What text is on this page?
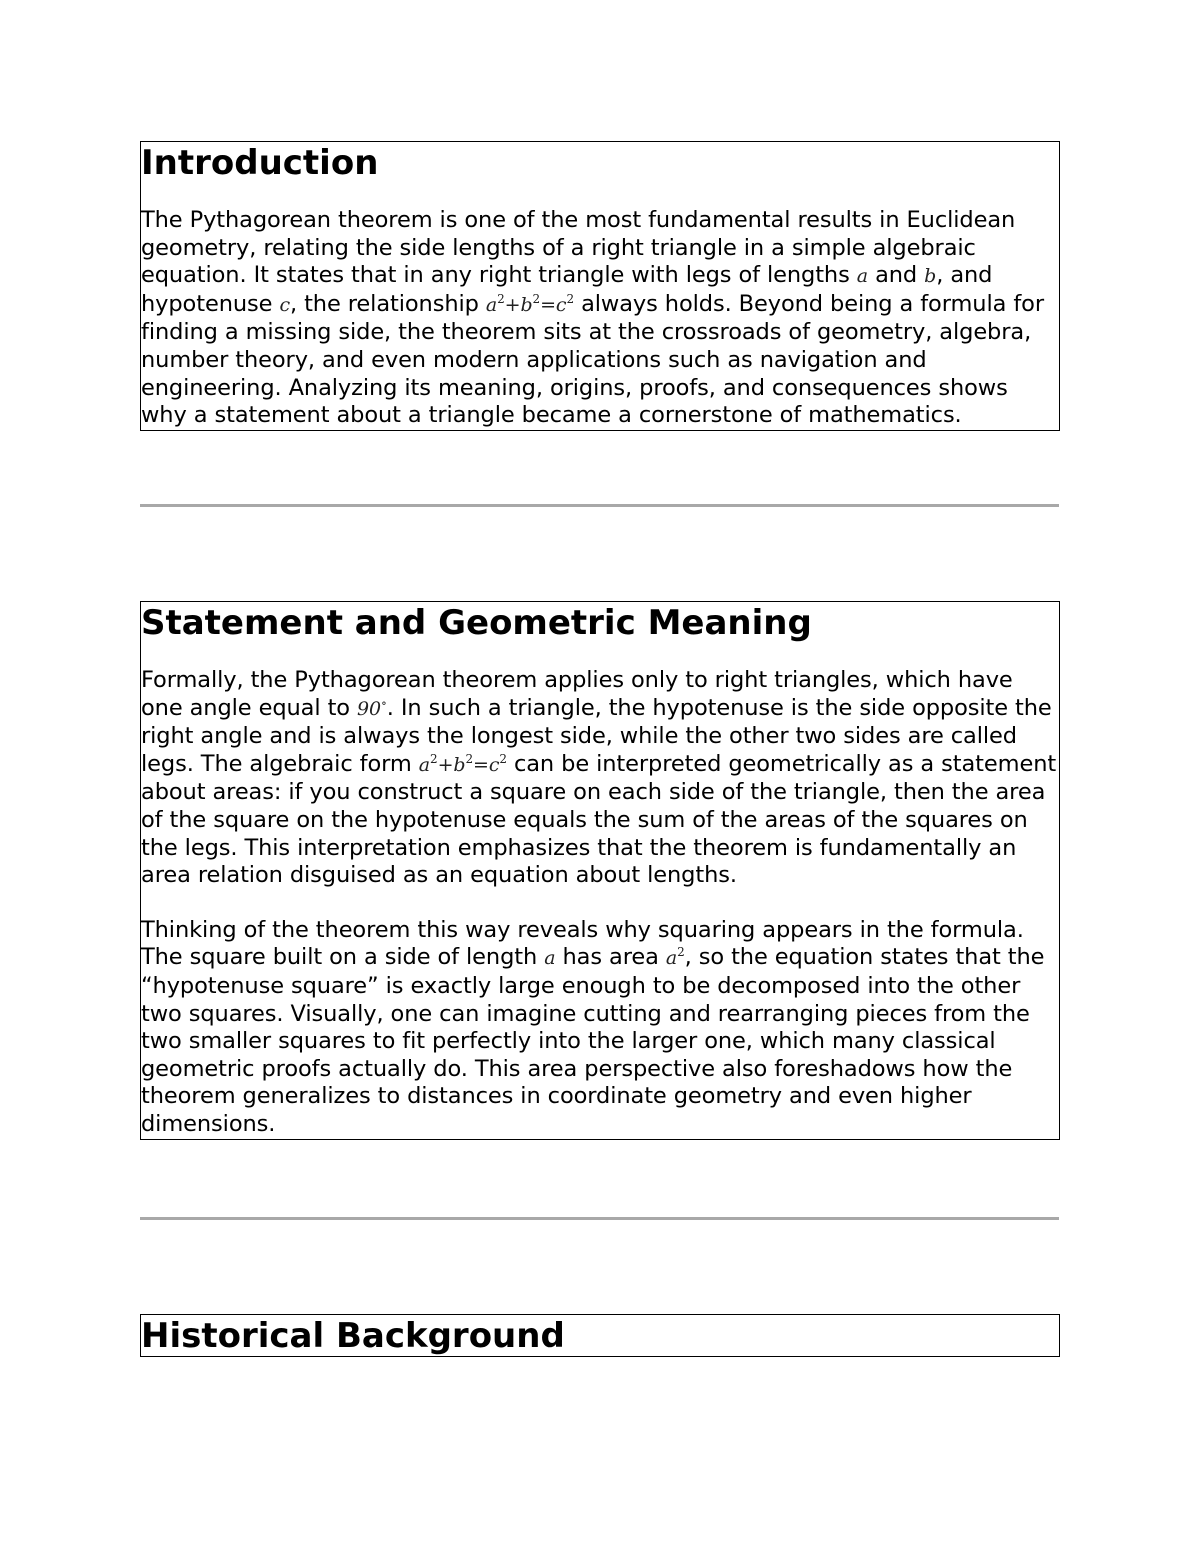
Introduction

The Pythagorean theorem is one of the most fundamental results in Euclidean geometry, relating the side lengths of a right triangle in a simple algebraic equation. It states that in any right triangle with legs of lengths a and b, and hypotenuse c, the relationship $a^2+b^2=c^2$ always holds. Beyond being a formula for finding a missing side, the theorem sits at the crossroads of geometry, algebra, number theory, and even modern applications such as navigation and engineering. Analyzing its meaning, origins, proofs, and consequences shows why a statement about a triangle became a cornerstone of mathematics.

Statement and Geometric Meaning

Formally, the Pythagorean theorem applies only to right triangles, which have one angle equal to 90∘. In such a triangle, the hypotenuse is the side opposite the right angle and is always the longest side, while the other two sides are called legs. The algebraic form $a^2+b^2=c^2$ can be interpreted geometrically as a statement about areas: if you construct a square on each side of the triangle, then the area of the square on the hypotenuse equals the sum of the areas of the squares on the legs. This interpretation emphasizes that the theorem is fundamentally an area relation disguised as an equation about lengths.

Thinking of the theorem this way reveals why squaring appears in the formula. The square built on a side of length a has area $a^2$, so the equation states that the “hypotenuse square” is exactly large enough to be decomposed into the other two squares. Visually, one can imagine cutting and rearranging pieces from the two smaller squares to fit perfectly into the larger one, which many classical geometric proofs actually do. This area perspective also foreshadows how the theorem generalizes to distances in coordinate geometry and even higher dimensions.

Historical Background
